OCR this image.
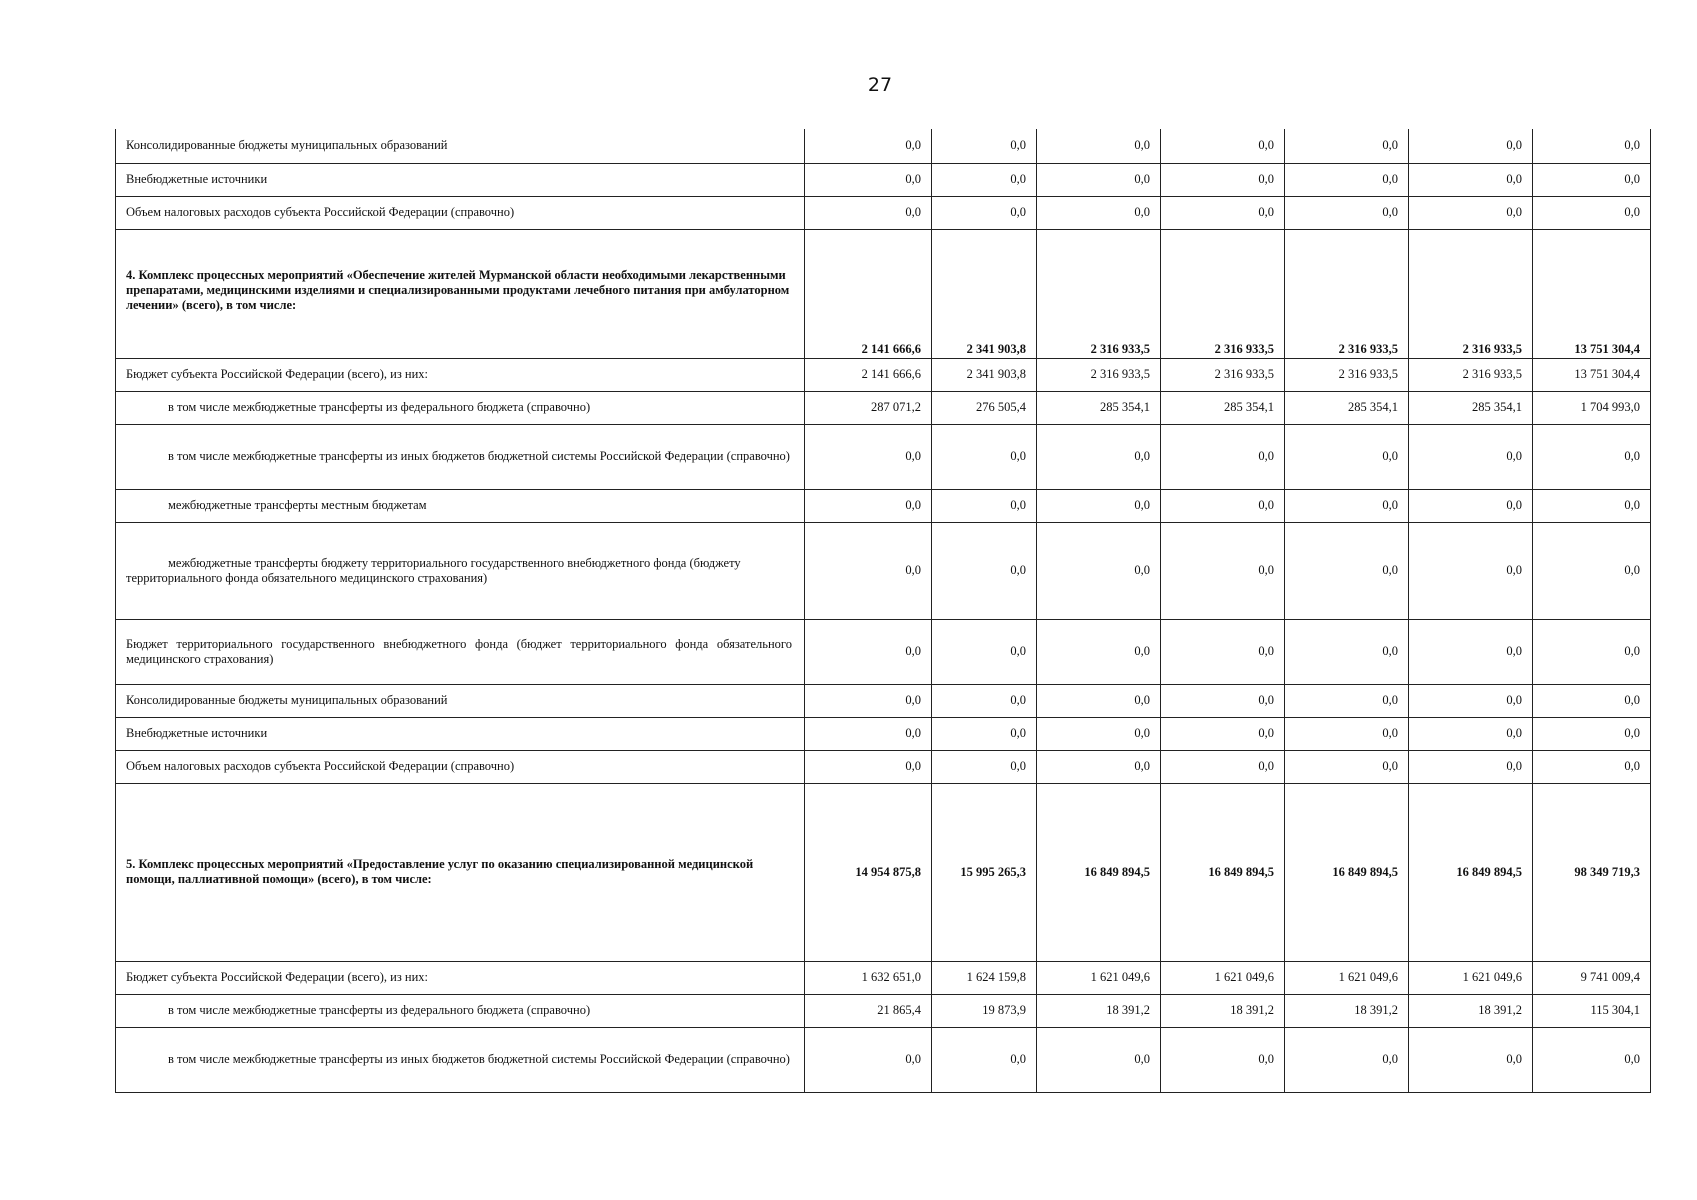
27
Консолидированные бюджеты муниципальных образований	0,0	0,0	0,0	0,0	0,0	0,0	0,0
Внебюджетные источники	0,0	0,0	0,0	0,0	0,0	0,0	0,0
Объем налоговых расходов субъекта Российской Федерации (справочно)	0,0	0,0	0,0	0,0	0,0	0,0	0,0
4. Комплекс процессных мероприятий «Обеспечение жителей Мурманской области необходимыми лекарственными препаратами, медицинскими изделиями и специализированными продуктами лечебного питания при амбулаторном лечении» (всего), в том числе:	2 141 666,6	2 341 903,8	2 316 933,5	2 316 933,5	2 316 933,5	2 316 933,5	13 751 304,4
Бюджет субъекта Российской Федерации (всего), из них:	2 141 666,6	2 341 903,8	2 316 933,5	2 316 933,5	2 316 933,5	2 316 933,5	13 751 304,4
в том числе межбюджетные трансферты из федерального бюджета (справочно)	287 071,2	276 505,4	285 354,1	285 354,1	285 354,1	285 354,1	1 704 993,0
в том числе межбюджетные трансферты из иных бюджетов бюджетной системы Российской Федерации (справочно)	0,0	0,0	0,0	0,0	0,0	0,0	0,0
межбюджетные трансферты местным бюджетам	0,0	0,0	0,0	0,0	0,0	0,0	0,0
межбюджетные трансферты бюджету территориального государственного внебюджетного фонда (бюджету территориального фонда обязательного медицинского страхования)	0,0	0,0	0,0	0,0	0,0	0,0	0,0
Бюджет территориального государственного внебюджетного фонда (бюджет территориального фонда обязательного медицинского страхования)	0,0	0,0	0,0	0,0	0,0	0,0	0,0
Консолидированные бюджеты муниципальных образований	0,0	0,0	0,0	0,0	0,0	0,0	0,0
Внебюджетные источники	0,0	0,0	0,0	0,0	0,0	0,0	0,0
Объем налоговых расходов субъекта Российской Федерации (справочно)	0,0	0,0	0,0	0,0	0,0	0,0	0,0
5. Комплекс процессных мероприятий «Предоставление услуг по оказанию специализированной медицинской помощи, паллиативной помощи» (всего), в том числе:	14 954 875,8	15 995 265,3	16 849 894,5	16 849 894,5	16 849 894,5	16 849 894,5	98 349 719,3
Бюджет субъекта Российской Федерации (всего), из них:	1 632 651,0	1 624 159,8	1 621 049,6	1 621 049,6	1 621 049,6	1 621 049,6	9 741 009,4
в том числе межбюджетные трансферты из федерального бюджета (справочно)	21 865,4	19 873,9	18 391,2	18 391,2	18 391,2	18 391,2	115 304,1
в том числе межбюджетные трансферты из иных бюджетов бюджетной системы Российской Федерации (справочно)	0,0	0,0	0,0	0,0	0,0	0,0	0,0
